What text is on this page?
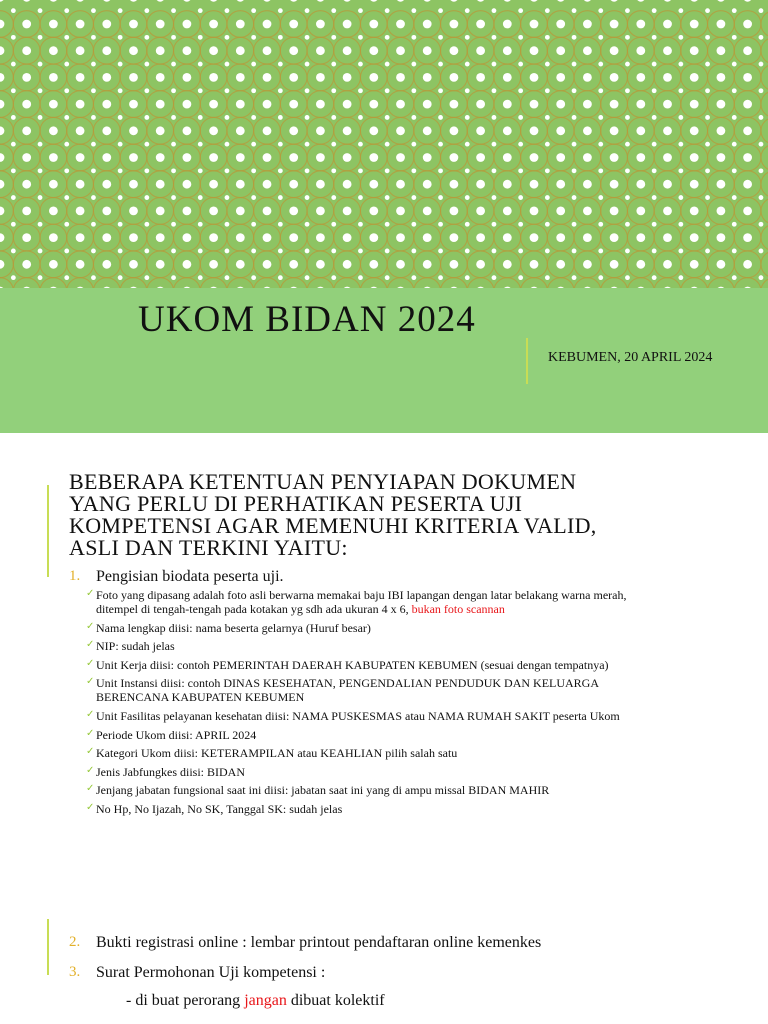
UKOM BIDAN 2024
KEBUMEN, 20 APRIL 2024
BEBERAPA KETENTUAN PENYIAPAN DOKUMEN
YANG PERLU DI PERHATIKAN PESERTA UJI
KOMPETENSI AGAR MEMENUHI KRITERIA VALID,
ASLI DAN TERKINI YAITU:
1. Pengisian biodata peserta uji.
✓ Foto yang dipasang adalah foto asli berwarna memakai baju IBI lapangan dengan latar belakang warna merah,
ditempel di tengah-tengah pada kotakan yg sdh ada ukuran 4 x 6, bukan foto scannan
✓ Nama lengkap diisi: nama beserta gelarnya (Huruf besar)
✓ NIP: sudah jelas
✓ Unit Kerja diisi: contoh PEMERINTAH DAERAH KABUPATEN KEBUMEN (sesuai dengan tempatnya)
✓ Unit Instansi diisi: contoh DINAS KESEHATAN, PENGENDALIAN PENDUDUK DAN KELUARGA
BERENCANA KABUPATEN KEBUMEN
✓ Unit Fasilitas pelayanan kesehatan diisi: NAMA PUSKESMAS atau NAMA RUMAH SAKIT peserta Ukom
✓ Periode Ukom diisi: APRIL 2024
✓ Kategori Ukom diisi: KETERAMPILAN atau KEAHLIAN pilih salah satu
✓ Jenis Jabfungkes diisi: BIDAN
✓ Jenjang jabatan fungsional saat ini diisi: jabatan saat ini yang di ampu missal BIDAN MAHIR
✓ No Hp, No Ijazah, No SK, Tanggal SK: sudah jelas
2. Bukti registrasi online : lembar printout pendaftaran online kemenkes
3. Surat Permohonan Uji kompetensi :
- di buat perorang jangan dibuat kolektif
